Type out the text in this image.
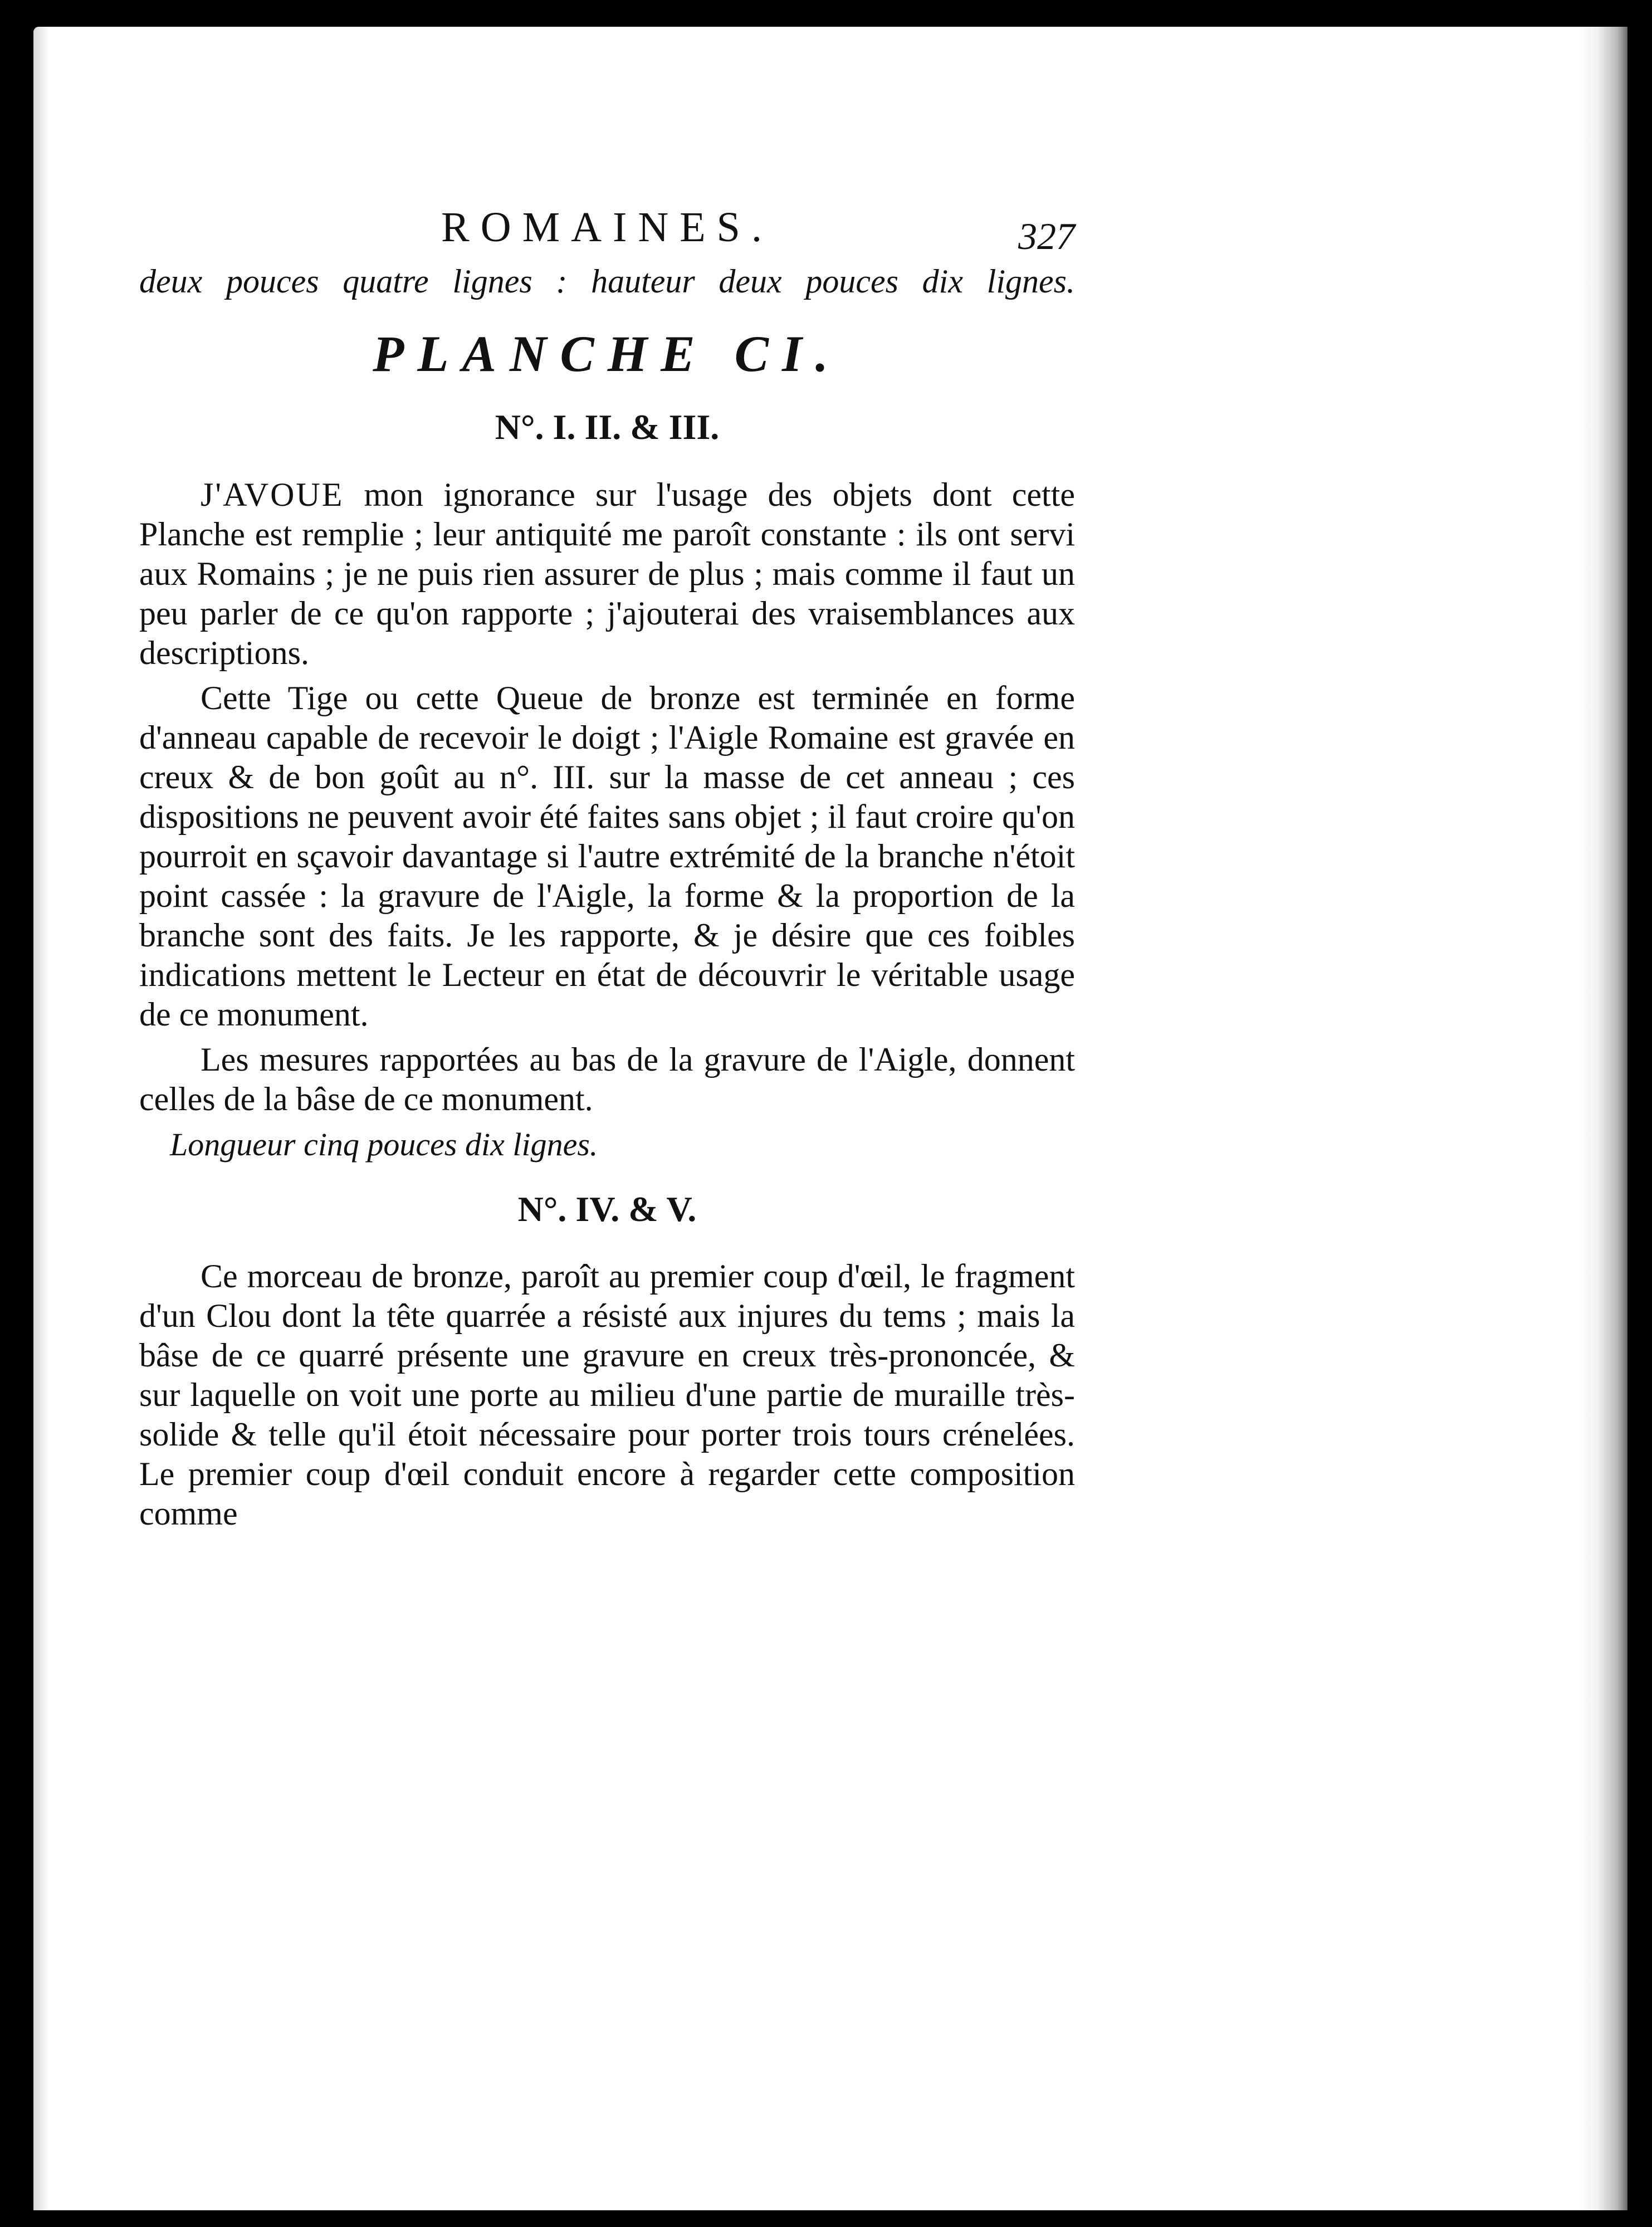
ROMAINES.	327

deux pouces quatre lignes : hauteur deux pouces dix lignes.

PLANCHE CI.
N°. I. II. & III.

J'AVOUE mon ignorance sur l'usage des objets dont cette Planche est remplie ; leur antiquité me paroît constante : ils ont servi aux Romains ; je ne puis rien assurer de plus ; mais comme il faut un peu parler de ce qu'on rapporte ; j'ajouterai des vraisemblances aux descriptions.

Cette Tige ou cette Queue de bronze est terminée en forme d'anneau capable de recevoir le doigt ; l'Aigle Romaine est gravée en creux & de bon goût au n°. III. sur la masse de cet anneau ; ces dispositions ne peuvent avoir été faites sans objet ; il faut croire qu'on pourroit en sçavoir davantage si l'autre extrémité de la branche n'étoit point cassée : la gravure de l'Aigle, la forme & la proportion de la branche sont des faits. Je les rapporte, & je désire que ces foibles indications mettent le Lecteur en état de découvrir le véritable usage de ce monument.

Les mesures rapportées au bas de la gravure de l'Aigle, donnent celles de la bâse de ce monument.

Longueur cinq pouces dix lignes.

N°. IV. & V.

Ce morceau de bronze, paroît au premier coup d'œil, le fragment d'un Clou dont la tête quarrée a résisté aux injures du tems ; mais la bâse de ce quarré présente une gravure en creux très-prononcée, & sur laquelle on voit une porte au milieu d'une partie de muraille très-solide & telle qu'il étoit nécessaire pour porter trois tours crénelées. Le premier coup d'œil conduit encore à regarder cette composition comme
